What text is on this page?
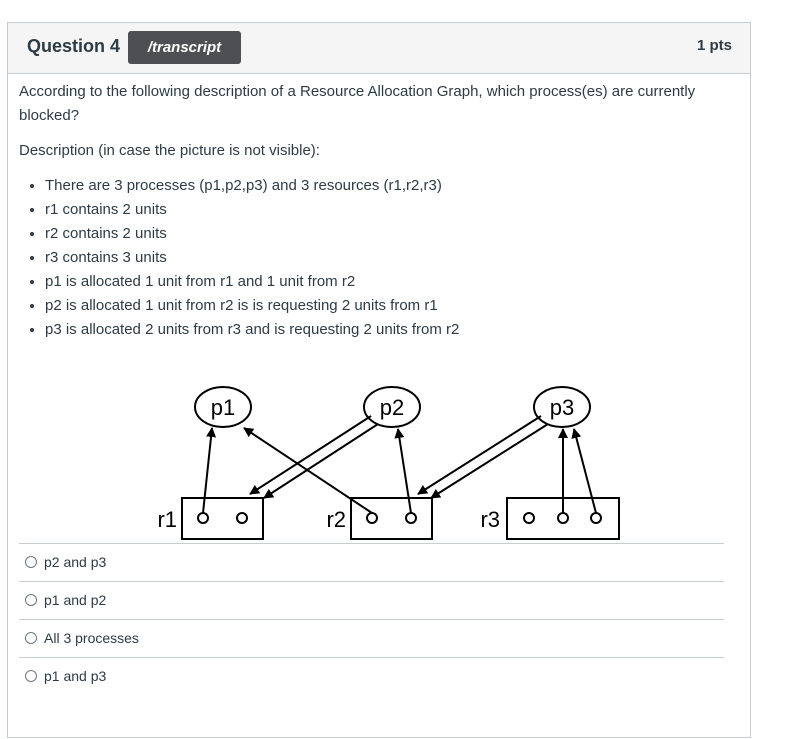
Question 4	/transcript	1 pts

According to the following description of a Resource Allocation Graph, which process(es) are currently blocked?

Description (in case the picture is not visible):

• There are 3 processes (p1,p2,p3) and 3 resources (r1,r2,r3)
• r1 contains 2 units
• r2 contains 2 units
• r3 contains 3 units
• p1 is allocated 1 unit from r1 and 1 unit from r2
• p2 is allocated 1 unit from r2 is is requesting 2 units from r1
• p3 is allocated 2 units from r3 and is requesting 2 units from r2
p1	p2	p3
r1	r2	r3
p2 and p3
p1 and p2
All 3 processes
p1 and p3
